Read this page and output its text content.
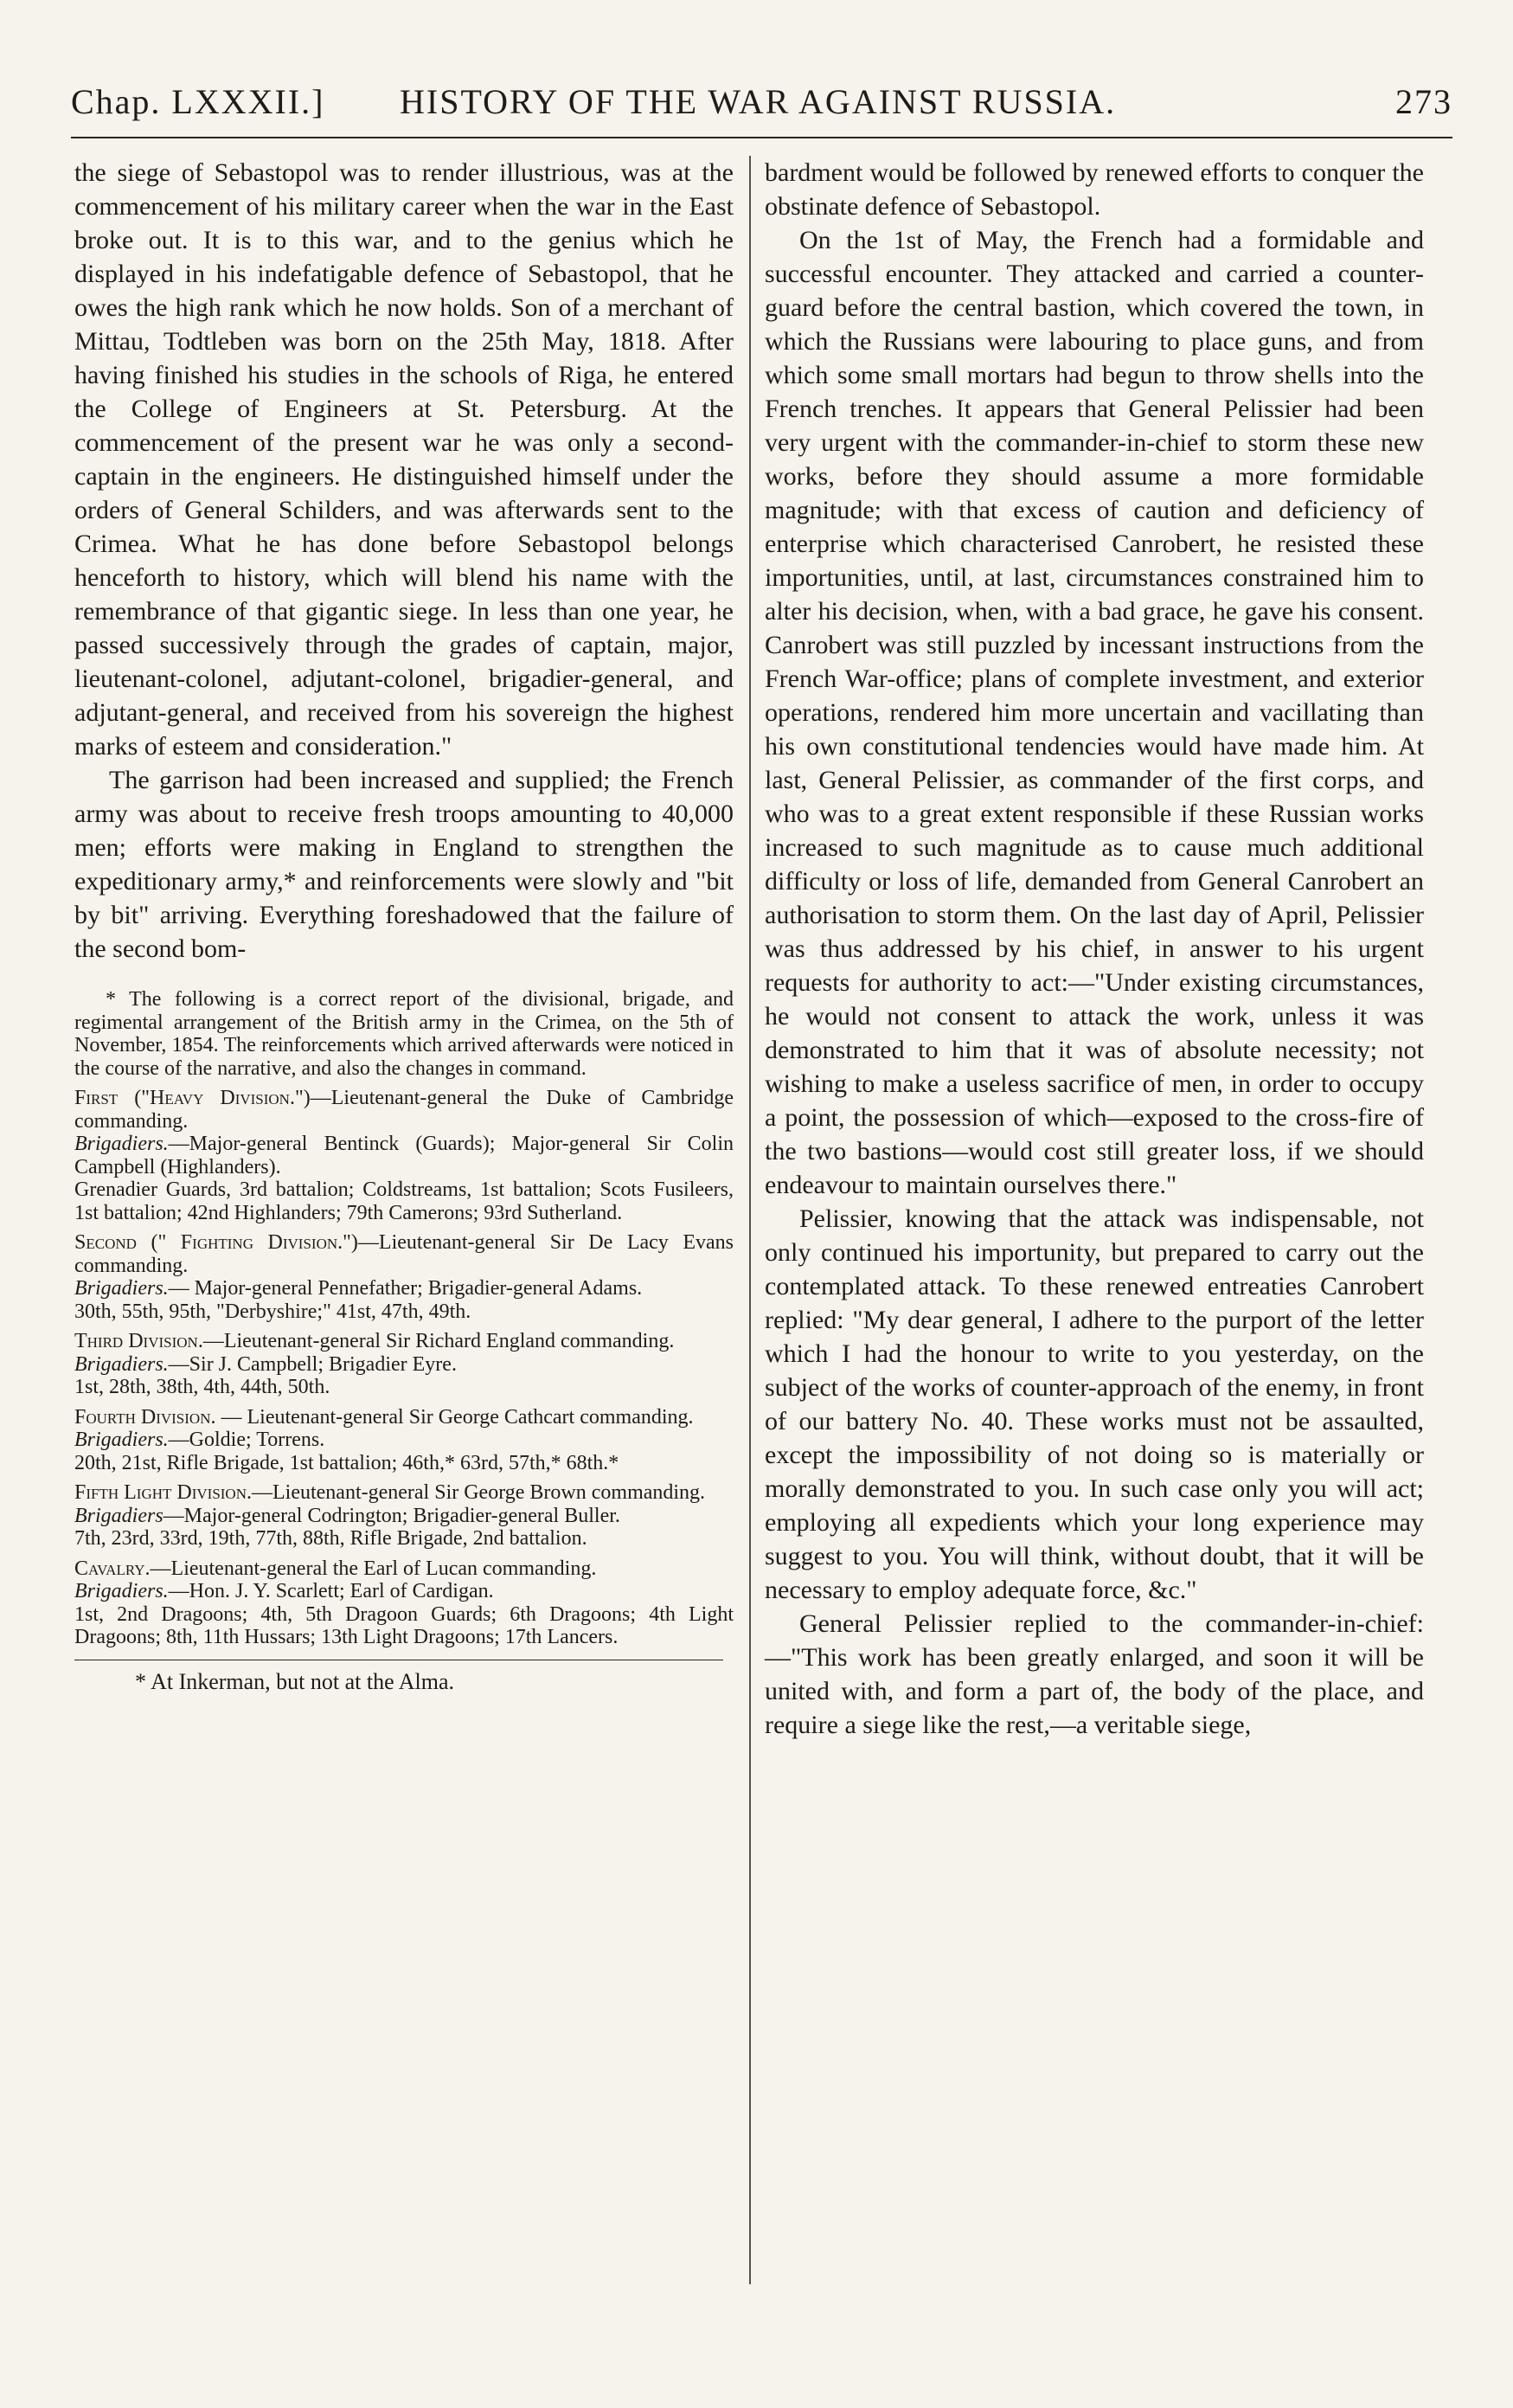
Chap. LXXXII.] HISTORY OF THE WAR AGAINST RUSSIA.	273

the siege of Sebastopol was to render illustrious, was at the commencement of his military career when the war in the East broke out. It is to this war, and to the genius which he displayed in his indefatigable defence of Sebastopol, that he owes the high rank which he now holds. Son of a merchant of Mittau, Todtleben was born on the 25th May, 1818. After having finished his studies in the schools of Riga, he entered the College of Engineers at St. Petersburg. At the commencement of the present war he was only a second-captain in the engineers. He distinguished himself under the orders of General Schilders, and was afterwards sent to the Crimea. What he has done before Sebastopol belongs henceforth to history, which will blend his name with the remembrance of that gigantic siege. In less than one year, he passed successively through the grades of captain, major, lieutenant-colonel, adjutant-colonel, brigadier-general, and adjutant-general, and received from his sovereign the highest marks of esteem and consideration."

The garrison had been increased and supplied; the French army was about to receive fresh troops amounting to 40,000 men; efforts were making in England to strengthen the expeditionary army,* and reinforcements were slowly and "bit by bit" arriving. Everything foreshadowed that the failure of the second bom-

* The following is a correct report of the divisional, brigade, and regimental arrangement of the British army in the Crimea, on the 5th of November, 1854. The reinforcements which arrived afterwards were noticed in the course of the narrative, and also the changes in command.

First ("Heavy Division.")—Lieutenant-general the Duke of Cambridge commanding.

Brigadiers.—Major-general Bentinck (Guards); Major-general Sir Colin Campbell (Highlanders).

Grenadier Guards, 3rd battalion; Coldstreams, 1st battalion; Scots Fusileers, 1st battalion; 42nd Highlanders; 79th Camerons; 93rd Sutherland.

Second (" Fighting Division.")—Lieutenant-general Sir De Lacy Evans commanding.

Brigadiers.— Major-general Pennefather; Brigadier-general Adams.

30th, 55th, 95th, "Derbyshire;" 41st, 47th, 49th.

Third Division.—Lieutenant-general Sir Richard England commanding.

Brigadiers.—Sir J. Campbell; Brigadier Eyre.

1st, 28th, 38th, 4th, 44th, 50th.

Fourth Division. — Lieutenant-general Sir George Cathcart commanding.

Brigadiers.—Goldie; Torrens.

20th, 21st, Rifle Brigade, 1st battalion; 46th,* 63rd, 57th,* 68th.*

Fifth Light Division.—Lieutenant-general Sir George Brown commanding.

Brigadiers—Major-general Codrington; Brigadier-general Buller.

7th, 23rd, 33rd, 19th, 77th, 88th, Rifle Brigade, 2nd battalion.

Cavalry.—Lieutenant-general the Earl of Lucan commanding.

Brigadiers.—Hon. J. Y. Scarlett; Earl of Cardigan.

1st, 2nd Dragoons; 4th, 5th Dragoon Guards; 6th Dragoons; 4th Light Dragoons; 8th, 11th Hussars; 13th Light Dragoons; 17th Lancers.

* At Inkerman, but not at the Alma.

bardment would be followed by renewed efforts to conquer the obstinate defence of Sebastopol.

On the 1st of May, the French had a formidable and successful encounter. They attacked and carried a counter-guard before the central bastion, which covered the town, in which the Russians were labouring to place guns, and from which some small mortars had begun to throw shells into the French trenches. It appears that General Pelissier had been very urgent with the commander-in-chief to storm these new works, before they should assume a more formidable magnitude; with that excess of caution and deficiency of enterprise which characterised Canrobert, he resisted these importunities, until, at last, circumstances constrained him to alter his decision, when, with a bad grace, he gave his consent. Canrobert was still puzzled by incessant instructions from the French War-office; plans of complete investment, and exterior operations, rendered him more uncertain and vacillating than his own constitutional tendencies would have made him. At last, General Pelissier, as commander of the first corps, and who was to a great extent responsible if these Russian works increased to such magnitude as to cause much additional difficulty or loss of life, demanded from General Canrobert an authorisation to storm them. On the last day of April, Pelissier was thus addressed by his chief, in answer to his urgent requests for authority to act:—"Under existing circumstances, he would not consent to attack the work, unless it was demonstrated to him that it was of absolute necessity; not wishing to make a useless sacrifice of men, in order to occupy a point, the possession of which—exposed to the cross-fire of the two bastions—would cost still greater loss, if we should endeavour to maintain ourselves there."

Pelissier, knowing that the attack was indispensable, not only continued his importunity, but prepared to carry out the contemplated attack. To these renewed entreaties Canrobert replied: "My dear general, I adhere to the purport of the letter which I had the honour to write to you yesterday, on the subject of the works of counter-approach of the enemy, in front of our battery No. 40. These works must not be assaulted, except the impossibility of not doing so is materially or morally demonstrated to you. In such case only you will act; employing all expedients which your long experience may suggest to you. You will think, without doubt, that it will be necessary to employ adequate force, &c."

General Pelissier replied to the commander-in-chief:—"This work has been greatly enlarged, and soon it will be united with, and form a part of, the body of the place, and require a siege like the rest,—a veritable siege,
